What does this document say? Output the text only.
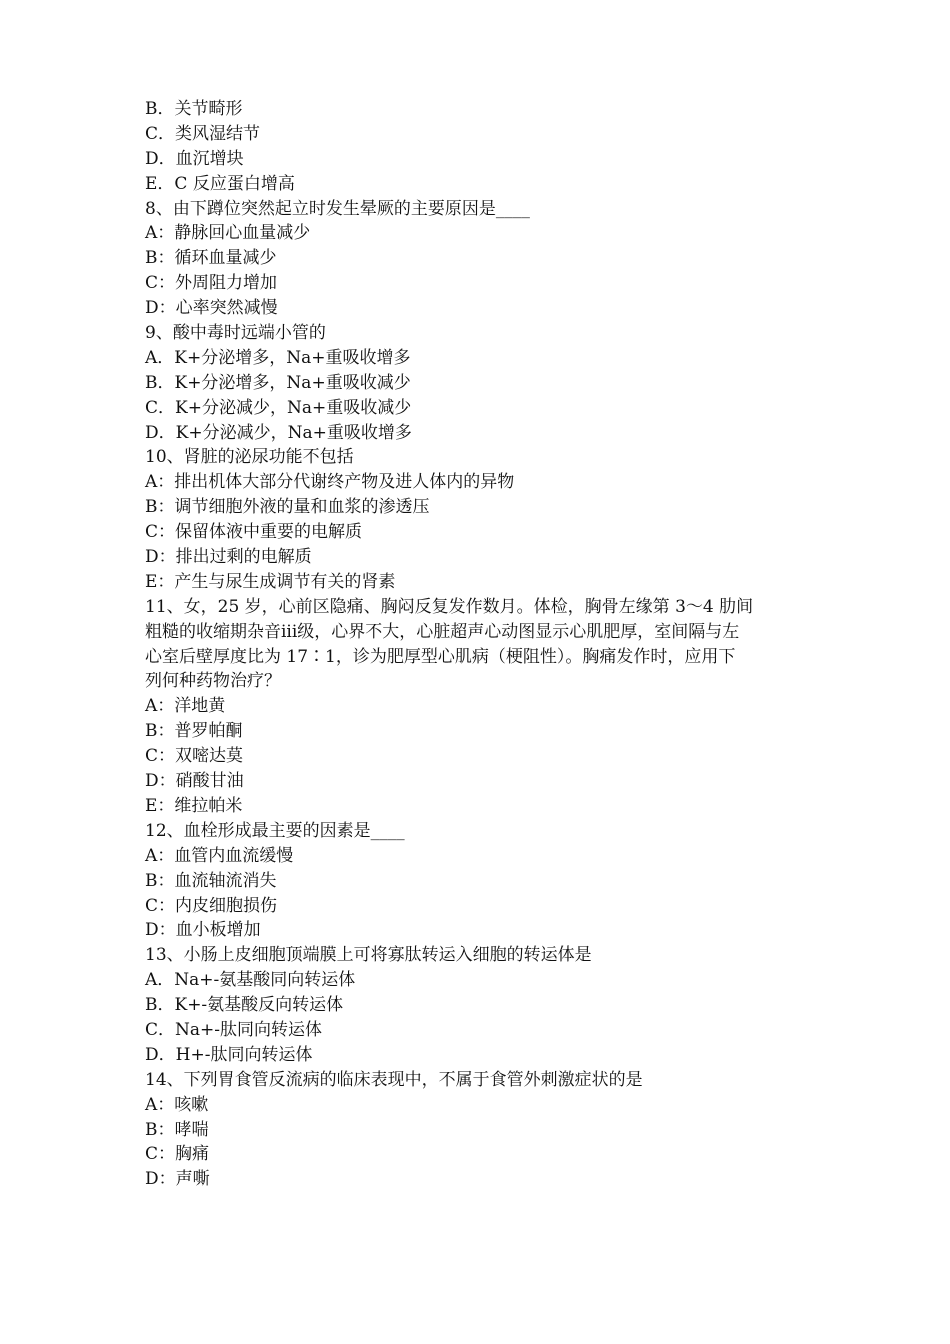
B．关节畸形
C．类风湿结节
D．血沉增块
E．C 反应蛋白增高
8、由下蹲位突然起立时发生晕厥的主要原因是____
A：静脉回心血量减少
B：循环血量减少
C：外周阻力增加
D：心率突然减慢
9、酸中毒时远端小管的
A．K+分泌增多，Na+重吸收增多
B．K+分泌增多，Na+重吸收减少
C．K+分泌减少，Na+重吸收减少
D．K+分泌减少，Na+重吸收增多
10、肾脏的泌尿功能不包括
A：排出机体大部分代谢终产物及进人体内的异物
B：调节细胞外液的量和血浆的渗透压
C：保留体液中重要的电解质
D：排出过剩的电解质
E：产生与尿生成调节有关的肾素
11、女，25 岁，心前区隐痛、胸闷反复发作数月。体检，胸骨左缘第 3～4 肋间
粗糙的收缩期杂音iii级，心界不大，心脏超声心动图显示心肌肥厚，室间隔与左
心室后壁厚度比为 17∶1，诊为肥厚型心肌病（梗阻性）。胸痛发作时，应用下
列何种药物治疗？
A：洋地黄
B：普罗帕酮
C：双嘧达莫
D：硝酸甘油
E：维拉帕米
12、血栓形成最主要的因素是____
A：血管内血流缓慢
B：血流轴流消失
C：内皮细胞损伤
D：血小板增加
13、小肠上皮细胞顶端膜上可将寡肽转运入细胞的转运体是
A．Na+-氨基酸同向转运体
B．K+-氨基酸反向转运体
C．Na+-肽同向转运体
D．H+-肽同向转运体
14、下列胃食管反流病的临床表现中，不属于食管外刺激症状的是
A：咳嗽
B：哮喘
C：胸痛
D：声嘶
